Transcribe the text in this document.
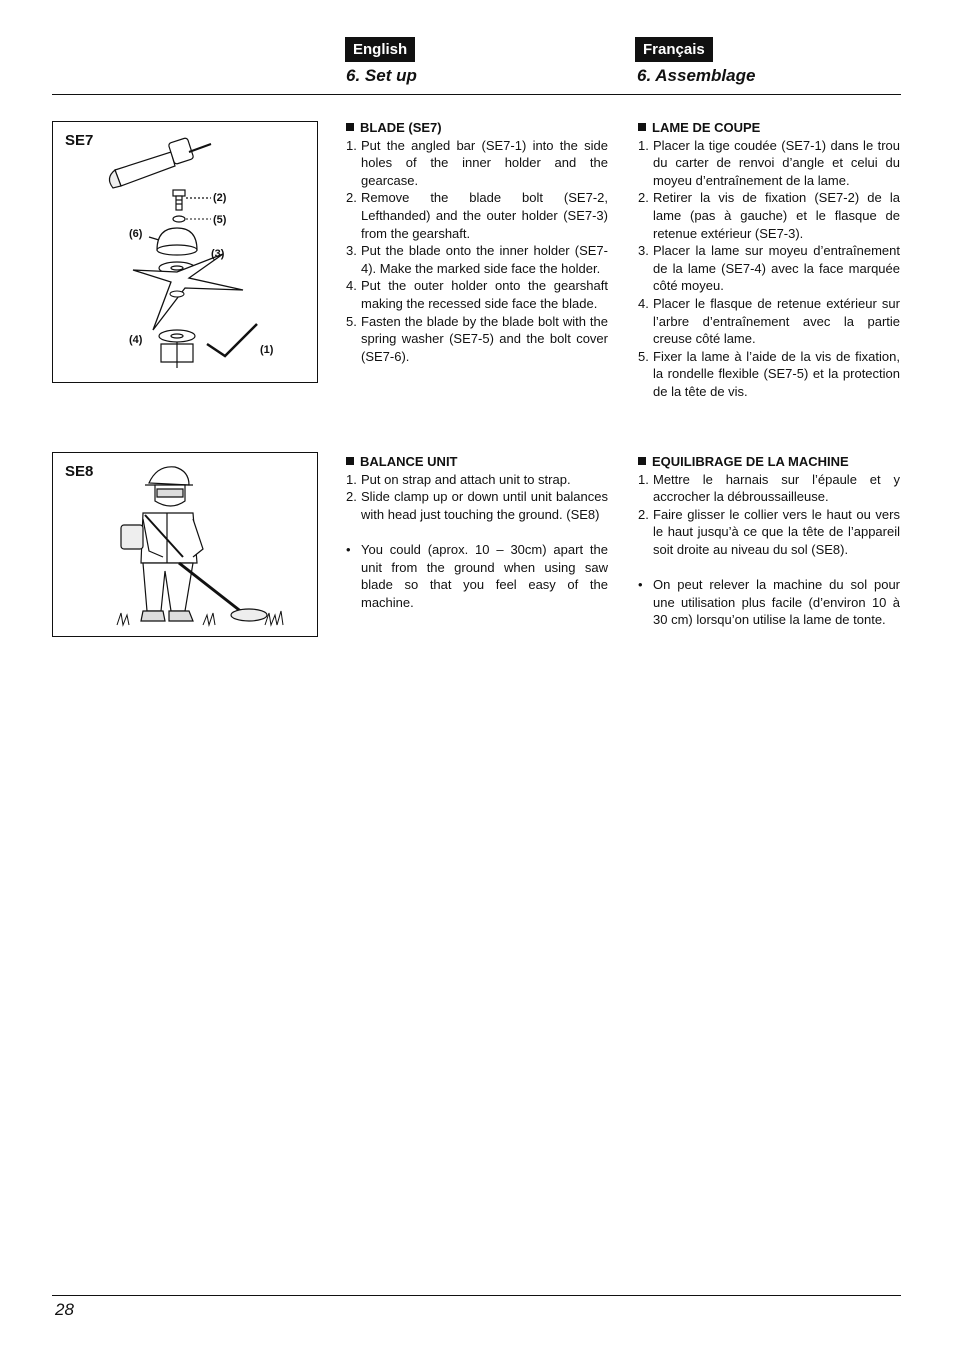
English	Français
6. Set up	6. Assemblage
SE7
(2)
(5)
(6)
(3)
(4)
(1)
SE8
BLADE (SE7)
1. Put the angled bar (SE7-1) into the side holes of the inner holder and the gearcase.
2. Remove the blade bolt (SE7-2, Lefthanded) and the outer holder (SE7-3) from the gearshaft.
3. Put the blade onto the inner holder (SE7-4). Make the marked side face the holder.
4. Put the outer holder onto the gearshaft making the recessed side face the blade.
5. Fasten the blade by the blade bolt with the spring washer (SE7-5) and the bolt cover (SE7-6).
LAME DE COUPE
1. Placer la tige coudée (SE7-1) dans le trou du carter de renvoi d’angle et celui du moyeu d’entraînement de la lame.
2. Retirer la vis de fixation (SE7-2) de la lame (pas à gauche) et le flasque de retenue extérieur (SE7-3).
3. Placer la lame sur moyeu d’entraînement de la lame (SE7-4) avec la face marquée côté moyeu.
4. Placer le flasque de retenue extérieur sur l’arbre d’entraînement avec la partie creuse côté lame.
5. Fixer la lame à l’aide de la vis de fixation, la rondelle flexible (SE7-5) et la protection de la tête de vis.
BALANCE UNIT
1. Put on strap and attach unit to strap.
2. Slide clamp up or down until unit balances with head just touching the ground. (SE8)
• You could (aprox. 10 – 30cm) apart the unit from the ground when using saw blade so that you feel easy of the machine.
EQUILIBRAGE DE LA MACHINE
1. Mettre le harnais sur l’épaule et y accrocher la débroussailleuse.
2. Faire glisser le collier vers le haut ou vers le haut jusqu’à ce que la tête de l’appareil soit droite au niveau du sol (SE8).
• On peut relever la machine du sol pour une utilisation plus facile (d’environ 10 à 30 cm) lorsqu’on utilise la lame de tonte.
28
